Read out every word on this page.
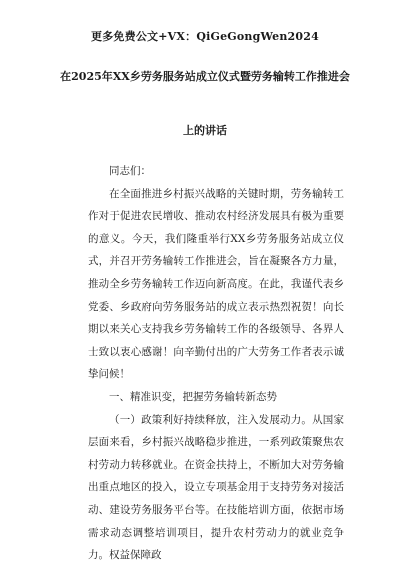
更多免费公文+VX：QiGeGongWen2024
在2025年XX乡劳务服务站成立仪式暨劳务输转工作推进会
上的讲话

同志们：

在全面推进乡村振兴战略的关键时期，劳务输转工作对于促进农民增收、推动农村经济发展具有极为重要的意义。今天，我们隆重举行XX乡劳务服务站成立仪式，并召开劳务输转工作推进会，旨在凝聚各方力量，推动全乡劳务输转工作迈向新高度。在此，我谨代表乡党委、乡政府向劳务服务站的成立表示热烈祝贺！向长期以来关心支持我乡劳务输转工作的各级领导、各界人士致以衷心感谢！向辛勤付出的广大劳务工作者表示诚挚问候！

一、精准识变，把握劳务输转新态势

（一）政策利好持续释放，注入发展动力。从国家层面来看，乡村振兴战略稳步推进，一系列政策聚焦农村劳动力转移就业。在资金扶持上，不断加大对劳务输出重点地区的投入，设立专项基金用于支持劳务对接活动、建设劳务服务平台等。在技能培训方面，依据市场需求动态调整培训项目，提升农村劳动力的就业竞争力。权益保障政
